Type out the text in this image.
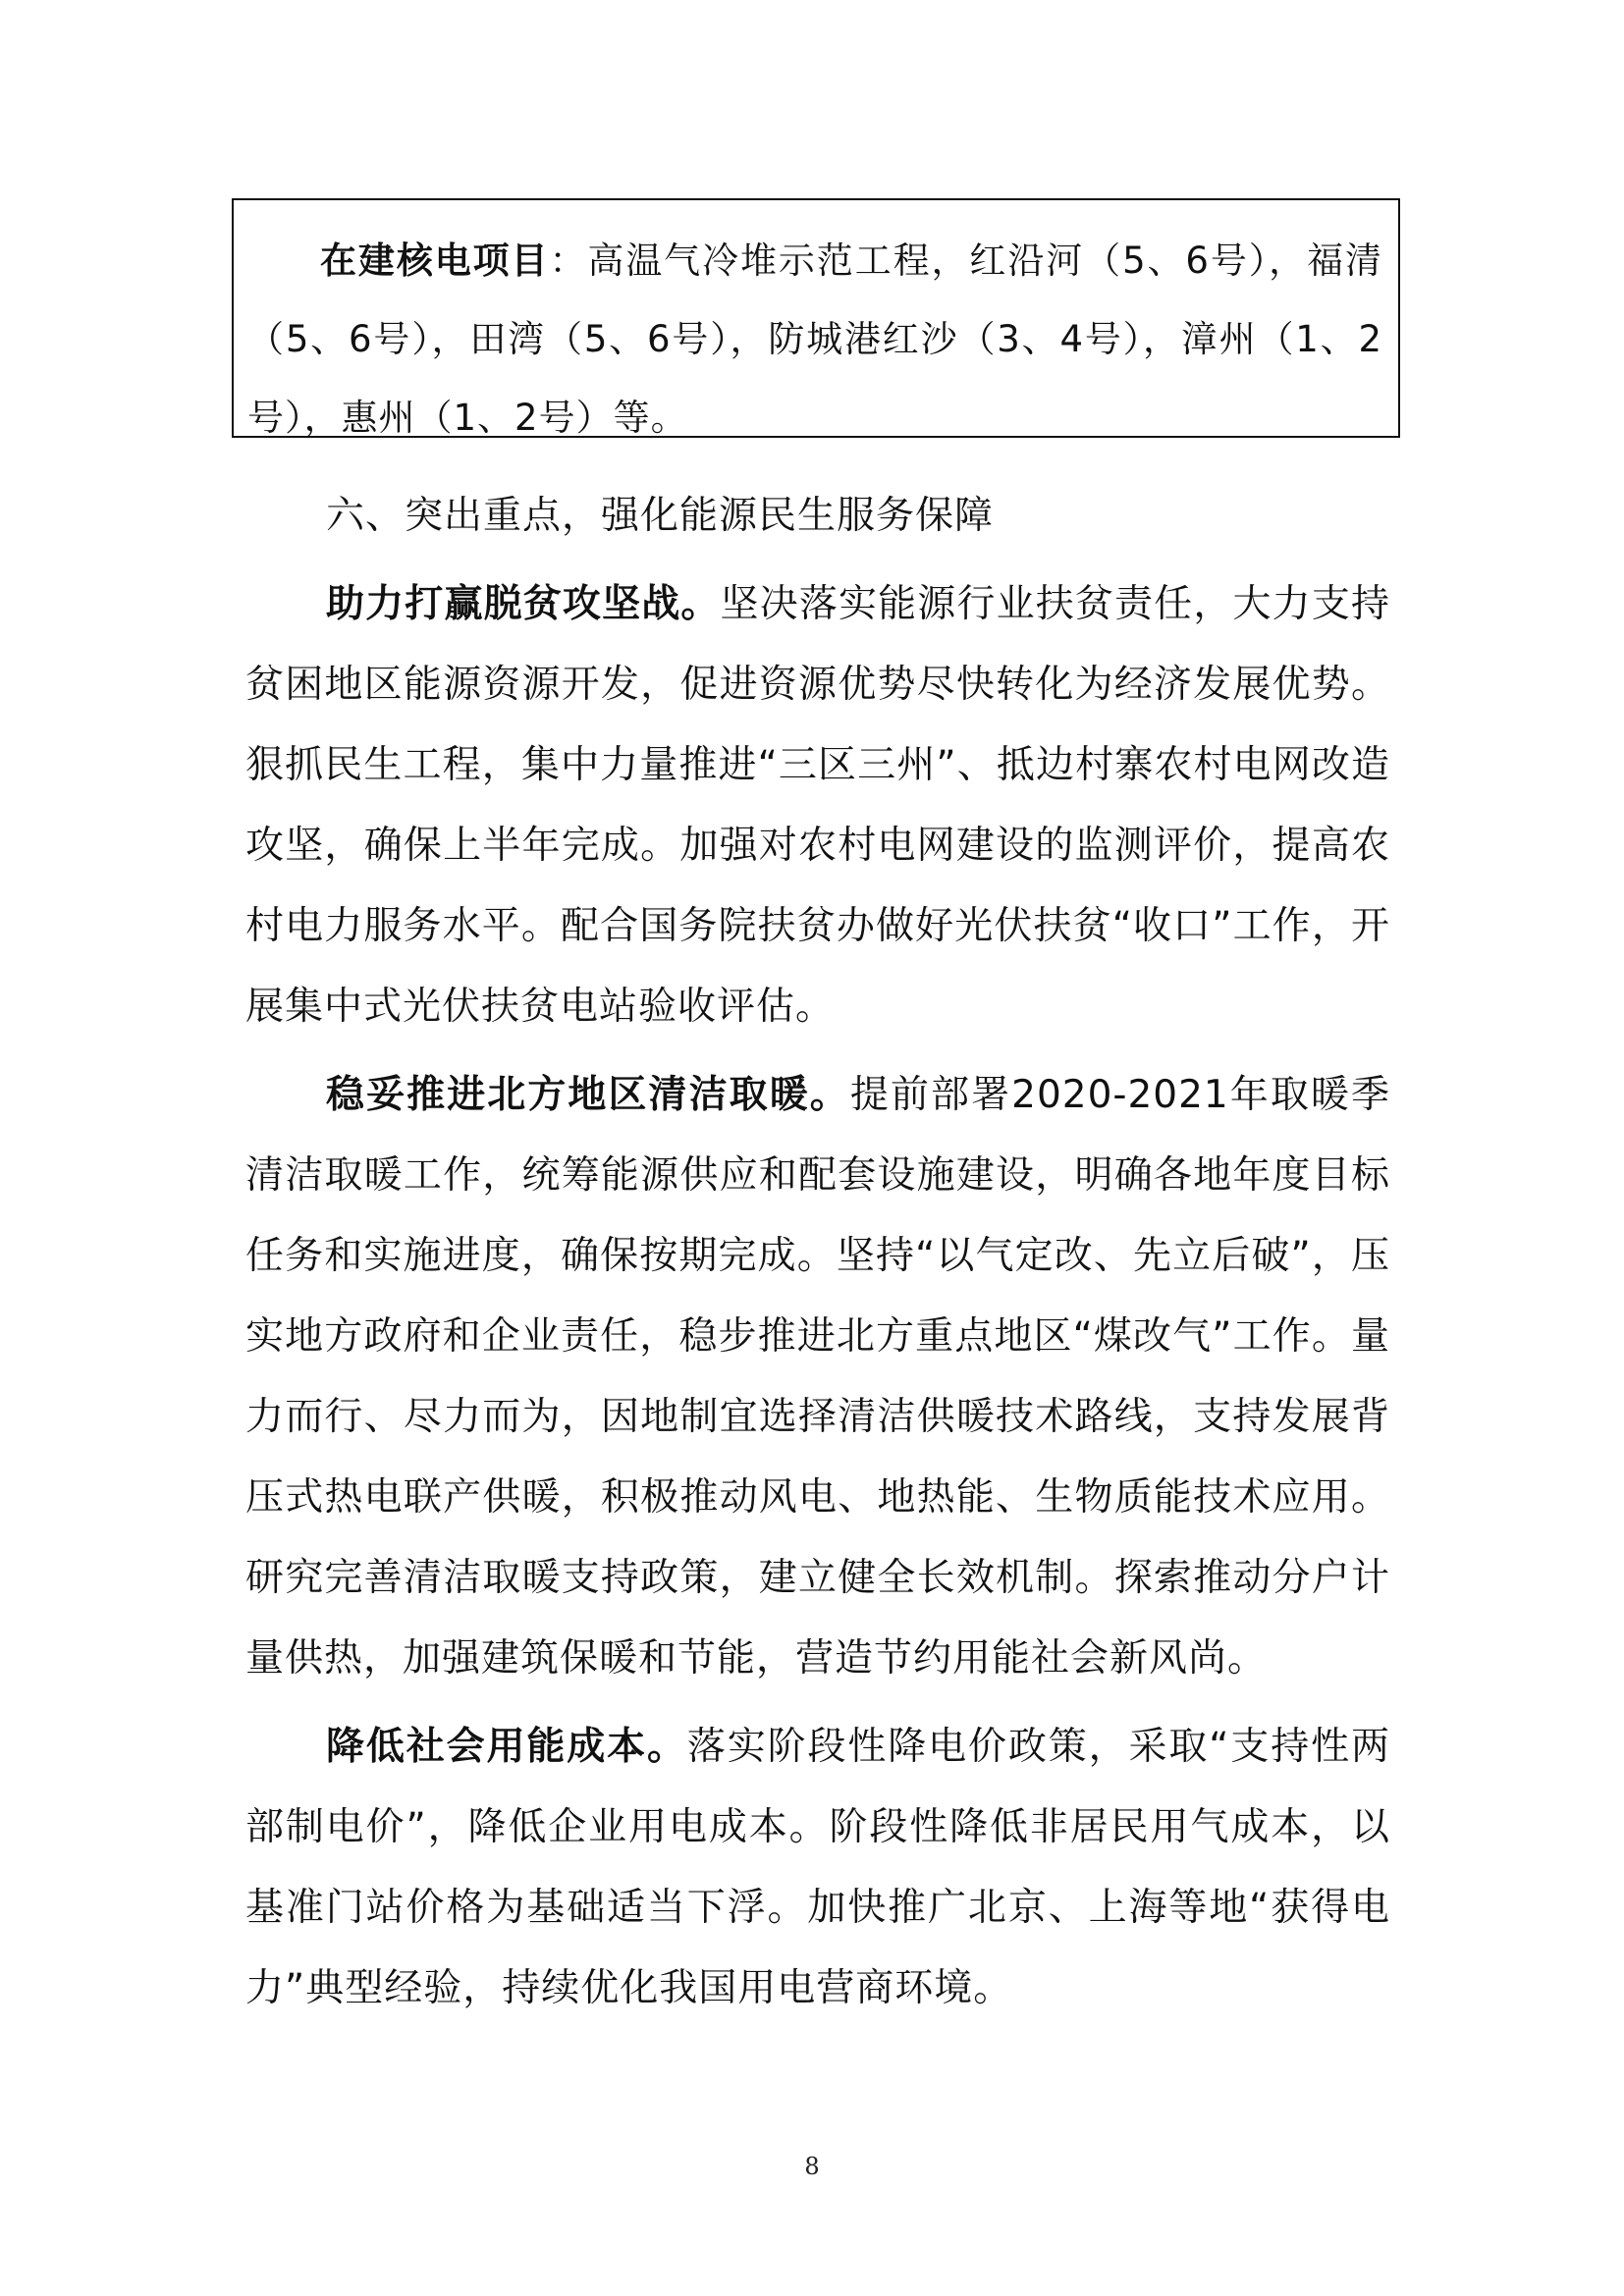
在建核电项目：高温气冷堆示范工程，红沿河（5、6号），福清（5、6号），田湾（5、6号），防城港红沙（3、4号），漳州（1、2号），惠州（1、2号）等。

六、突出重点，强化能源民生服务保障

助力打赢脱贫攻坚战。坚决落实能源行业扶贫责任，大力支持贫困地区能源资源开发，促进资源优势尽快转化为经济发展优势。狠抓民生工程，集中力量推进“三区三州”、抵边村寨农村电网改造攻坚，确保上半年完成。加强对农村电网建设的监测评价，提高农村电力服务水平。配合国务院扶贫办做好光伏扶贫“收口”工作，开展集中式光伏扶贫电站验收评估。

稳妥推进北方地区清洁取暖。提前部署2020-2021年取暖季清洁取暖工作，统筹能源供应和配套设施建设，明确各地年度目标任务和实施进度，确保按期完成。坚持“以气定改、先立后破”，压实地方政府和企业责任，稳步推进北方重点地区“煤改气”工作。量力而行、尽力而为，因地制宜选择清洁供暖技术路线，支持发展背压式热电联产供暖，积极推动风电、地热能、生物质能技术应用。研究完善清洁取暖支持政策，建立健全长效机制。探索推动分户计量供热，加强建筑保暖和节能，营造节约用能社会新风尚。

降低社会用能成本。落实阶段性降电价政策，采取“支持性两部制电价”，降低企业用电成本。阶段性降低非居民用气成本，以基准门站价格为基础适当下浮。加快推广北京、上海等地“获得电力”典型经验，持续优化我国用电营商环境。

8
